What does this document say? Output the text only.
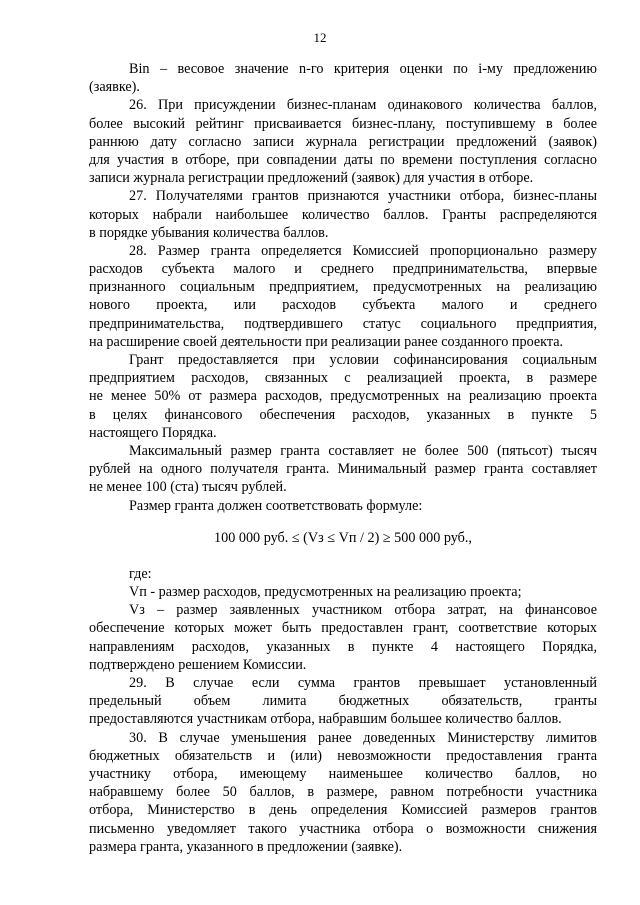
12
Bin – весовое значение n-го критерия оценки по i-му предложению
(заявке).
26. При присуждении бизнес-планам одинакового количества баллов,
более высокий рейтинг присваивается бизнес-плану, поступившему в более
раннюю дату согласно записи журнала регистрации предложений (заявок)
для участия в отборе, при совпадении даты по времени поступления согласно
записи журнала регистрации предложений (заявок) для участия в отборе.
27. Получателями грантов признаются участники отбора, бизнес-планы
которых набрали наибольшее количество баллов. Гранты распределяются
в порядке убывания количества баллов.
28. Размер гранта определяется Комиссией пропорционально размеру
расходов субъекта малого и среднего предпринимательства, впервые
признанного социальным предприятием, предусмотренных на реализацию
нового проекта, или расходов субъекта малого и среднего
предпринимательства, подтвердившего статус социального предприятия,
на расширение своей деятельности при реализации ранее созданного проекта.
Грант предоставляется при условии софинансирования социальным
предприятием расходов, связанных с реализацией проекта, в размере
не менее 50% от размера расходов, предусмотренных на реализацию проекта
в целях финансового обеспечения расходов, указанных в пункте 5
настоящего Порядка.
Максимальный размер гранта составляет не более 500 (пятьсот) тысяч
рублей на одного получателя гранта. Минимальный размер гранта составляет
не менее 100 (ста) тысяч рублей.
Размер гранта должен соответствовать формуле:
100 000 руб. ≤ (Vз ≤ Vп / 2) ≥ 500 000 руб.,
где:
Vп - размер расходов, предусмотренных на реализацию проекта;
Vз – размер заявленных участником отбора затрат, на финансовое
обеспечение которых может быть предоставлен грант, соответствие которых
направлениям расходов, указанных в пункте 4 настоящего Порядка,
подтверждено решением Комиссии.
29. В случае если сумма грантов превышает установленный
предельный объем лимита бюджетных обязательств, гранты
предоставляются участникам отбора, набравшим большее количество баллов.
30. В случае уменьшения ранее доведенных Министерству лимитов
бюджетных обязательств и (или) невозможности предоставления гранта
участнику отбора, имеющему наименьшее количество баллов, но
набравшему более 50 баллов, в размере, равном потребности участника
отбора, Министерство в день определения Комиссией размеров грантов
письменно уведомляет такого участника отбора о возможности снижения
размера гранта, указанного в предложении (заявке).
